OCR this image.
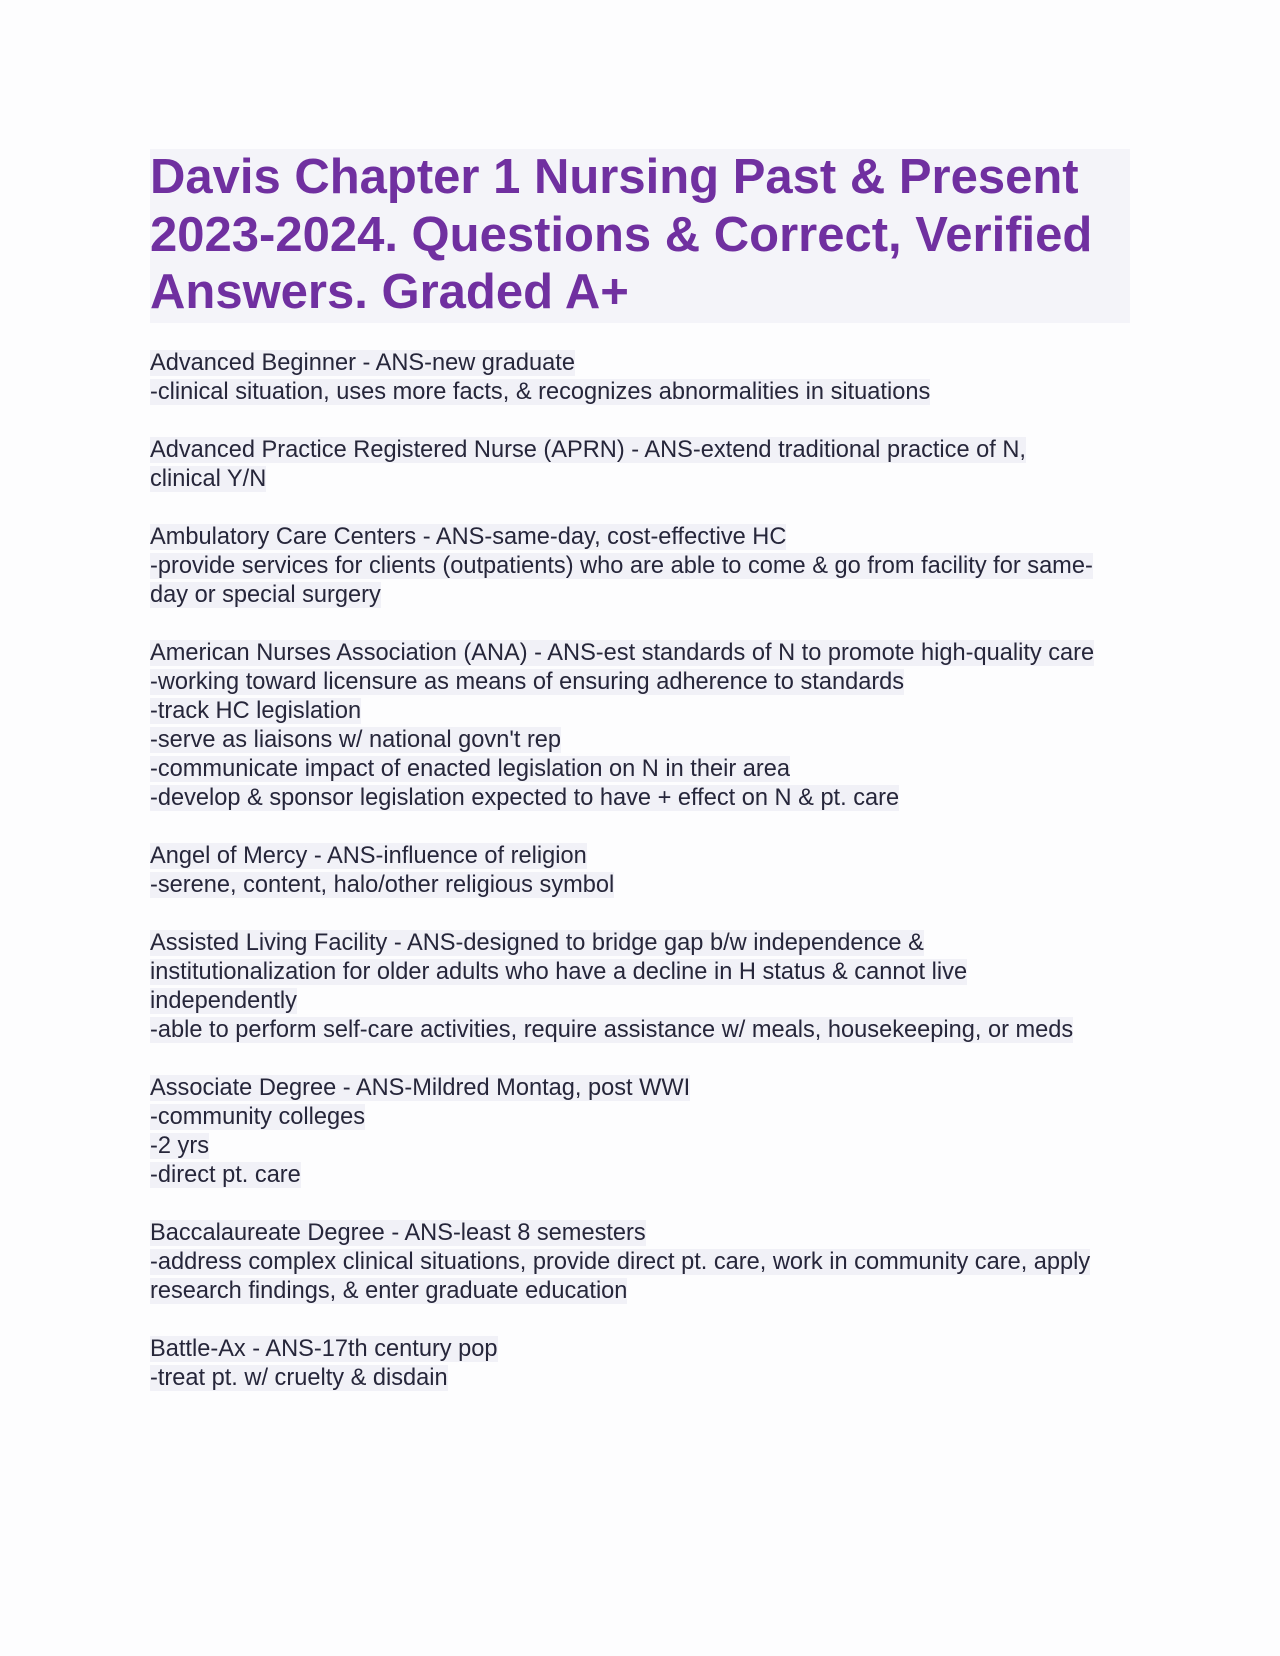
Davis Chapter 1 Nursing Past & Present 2023-2024. Questions & Correct, Verified Answers. Graded A+
Advanced Beginner - ANS-new graduate
-clinical situation, uses more facts, & recognizes abnormalities in situations
Advanced Practice Registered Nurse (APRN) - ANS-extend traditional practice of N, clinical Y/N
Ambulatory Care Centers - ANS-same-day, cost-effective HC
-provide services for clients (outpatients) who are able to come & go from facility for same-day or special surgery
American Nurses Association (ANA) - ANS-est standards of N to promote high-quality care
-working toward licensure as means of ensuring adherence to standards
-track HC legislation
-serve as liaisons w/ national govn't rep
-communicate impact of enacted legislation on N in their area
-develop & sponsor legislation expected to have + effect on N & pt. care
Angel of Mercy - ANS-influence of religion
-serene, content, halo/other religious symbol
Assisted Living Facility - ANS-designed to bridge gap b/w independence & institutionalization for older adults who have a decline in H status & cannot live independently
-able to perform self-care activities, require assistance w/ meals, housekeeping, or meds
Associate Degree - ANS-Mildred Montag, post WWI
-community colleges
-2 yrs
-direct pt. care
Baccalaureate Degree - ANS-least 8 semesters
-address complex clinical situations, provide direct pt. care, work in community care, apply research findings, & enter graduate education
Battle-Ax - ANS-17th century pop
-treat pt. w/ cruelty & disdain
